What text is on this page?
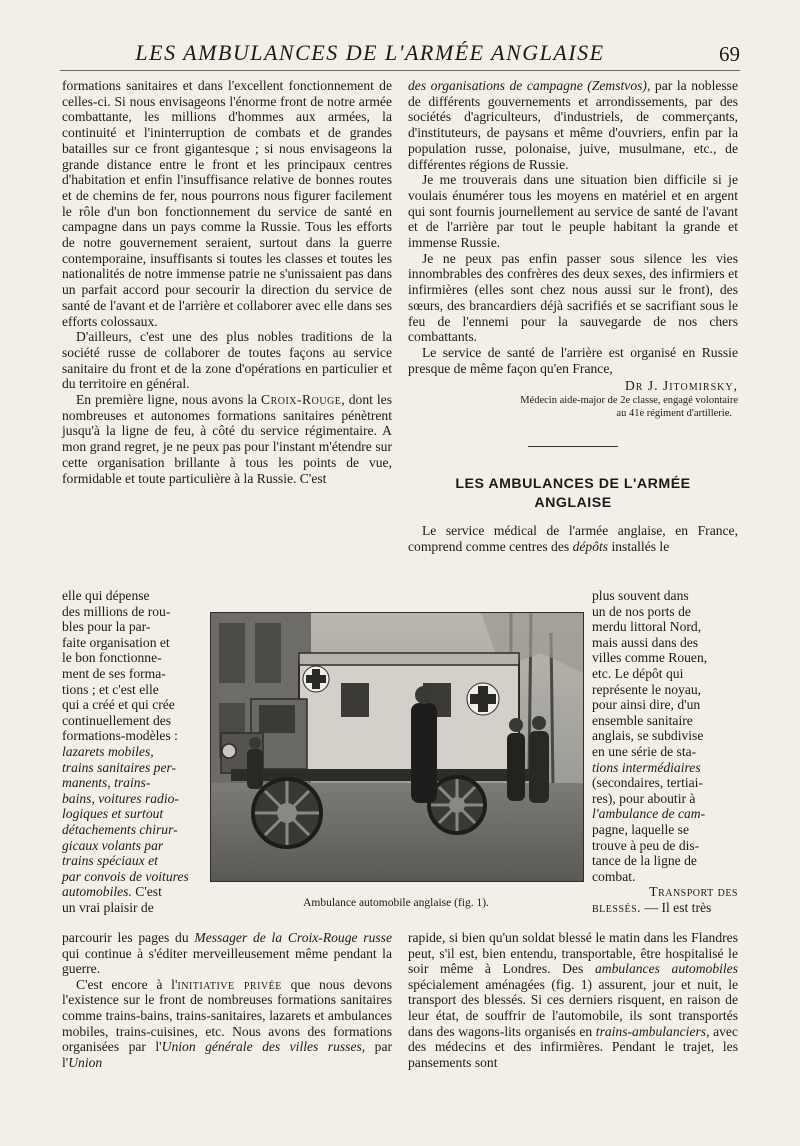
LES AMBULANCES DE L'ARMÉE ANGLAISE	69

formations sanitaires et dans l'excellent fonctionnement de celles-ci. Si nous envisageons l'énorme front de notre armée combattante, les millions d'hommes aux armées, la continuité et l'ininterruption de combats et de grandes batailles sur ce front gigantesque ; si nous envisageons la grande distance entre le front et les principaux centres d'habitation et enfin l'insuffisance relative de bonnes routes et de chemins de fer, nous pourrons nous figurer facilement le rôle d'un bon fonctionnement du service de santé en campagne dans un pays comme la Russie. Tous les efforts de notre gouvernement seraient, surtout dans la guerre contemporaine, insuffisants si toutes les classes et toutes les nationalités de notre immense patrie ne s'unissaient pas dans un parfait accord pour secourir la direction du service de santé de l'avant et de l'arrière et collaborer avec elle dans ses efforts colossaux.

D'ailleurs, c'est une des plus nobles traditions de la société russe de collaborer de toutes façons au service sanitaire du front et de la zone d'opérations en particulier et du territoire en général.

En première ligne, nous avons la Croix-Rouge, dont les nombreuses et autonomes formations sanitaires pénètrent jusqu'à la ligne de feu, à côté du service régimentaire. A mon grand regret, je ne peux pas pour l'instant m'étendre sur cette organisation brillante à tous les points de vue, formidable et toute particulière à la Russie. C'est

des organisations de campagne (Zemstvos), par la noblesse de différents gouvernements et arrondissements, par des sociétés d'agriculteurs, d'industriels, de commerçants, d'instituteurs, de paysans et même d'ouvriers, enfin par la population russe, polonaise, juive, musulmane, etc., de différentes régions de Russie.

Je me trouverais dans une situation bien difficile si je voulais énumérer tous les moyens en matériel et en argent qui sont fournis journellement au service de santé de l'avant et de l'arrière par tout le peuple habitant la grande et immense Russie.

Je ne peux pas enfin passer sous silence les vies innombrables des confrères des deux sexes, des infirmiers et infirmières (elles sont chez nous aussi sur le front), des sœurs, des brancardiers déjà sacrifiés et se sacrifiant sous le feu de l'ennemi pour la sauvegarde de nos chers combattants.

Le service de santé de l'arrière est organisé en Russie presque de même façon qu'en France,

Dr J. Jitomirsky,
Médecin aide-major de 2e classe, engagé volontaire
au 41e régiment d'artillerie.
LES AMBULANCES DE L'ARMÉE
ANGLAISE

Le service médical de l'armée anglaise, en France, comprend comme centres des dépôts installés le

elle qui dépense
des millions de rou-
bles pour la par-
faite organisation et
le bon fonctionne-
ment de ses forma-
tions ; et c'est elle
qui a créé et qui crée
continuellement des
formations-modèles :
lazarets mobiles,
trains sanitaires per-
manents, trains-
bains, voitures radio-
logiques et surtout
détachements chirur-
gicaux volants par
trains spéciaux et
par convois de voitures
automobiles. C'est
un vrai plaisir de	Ambulance automobile anglaise (fig. 1).
plus souvent dans
un de nos ports de
merdu littoral Nord,
mais aussi dans des
villes comme Rouen,
etc. Le dépôt qui
représente le noyau,
pour ainsi dire, d'un
ensemble sanitaire
anglais, se subdivise
en une série de sta-
tions intermédiaires
(secondaires, tertiai-
res), pour aboutir à
l'ambulance de cam-
pagne, laquelle se
trouve à peu de dis-
tance de la ligne de
combat.
Transport des
blessés. — Il est très

parcourir les pages du Messager de la Croix-Rouge russe qui continue à s'éditer merveilleusement même pendant la guerre.

C'est encore à l'initiative privée que nous devons l'existence sur le front de nombreuses formations sanitaires comme trains-bains, trains-sanitaires, lazarets et ambulances mobiles, trains-cuisines, etc. Nous avons des formations organisées par l'Union générale des villes russes, par l'Union

rapide, si bien qu'un soldat blessé le matin dans les Flandres peut, s'il est, bien entendu, transportable, être hospitalisé le soir même à Londres. Des ambulances automobiles spécialement aménagées (fig. 1) assurent, jour et nuit, le transport des blessés. Si ces derniers risquent, en raison de leur état, de souffrir de l'automobile, ils sont transportés dans des wagons-lits organisés en trains-ambulanciers, avec des médecins et des infirmières. Pendant le trajet, les pansements sont
